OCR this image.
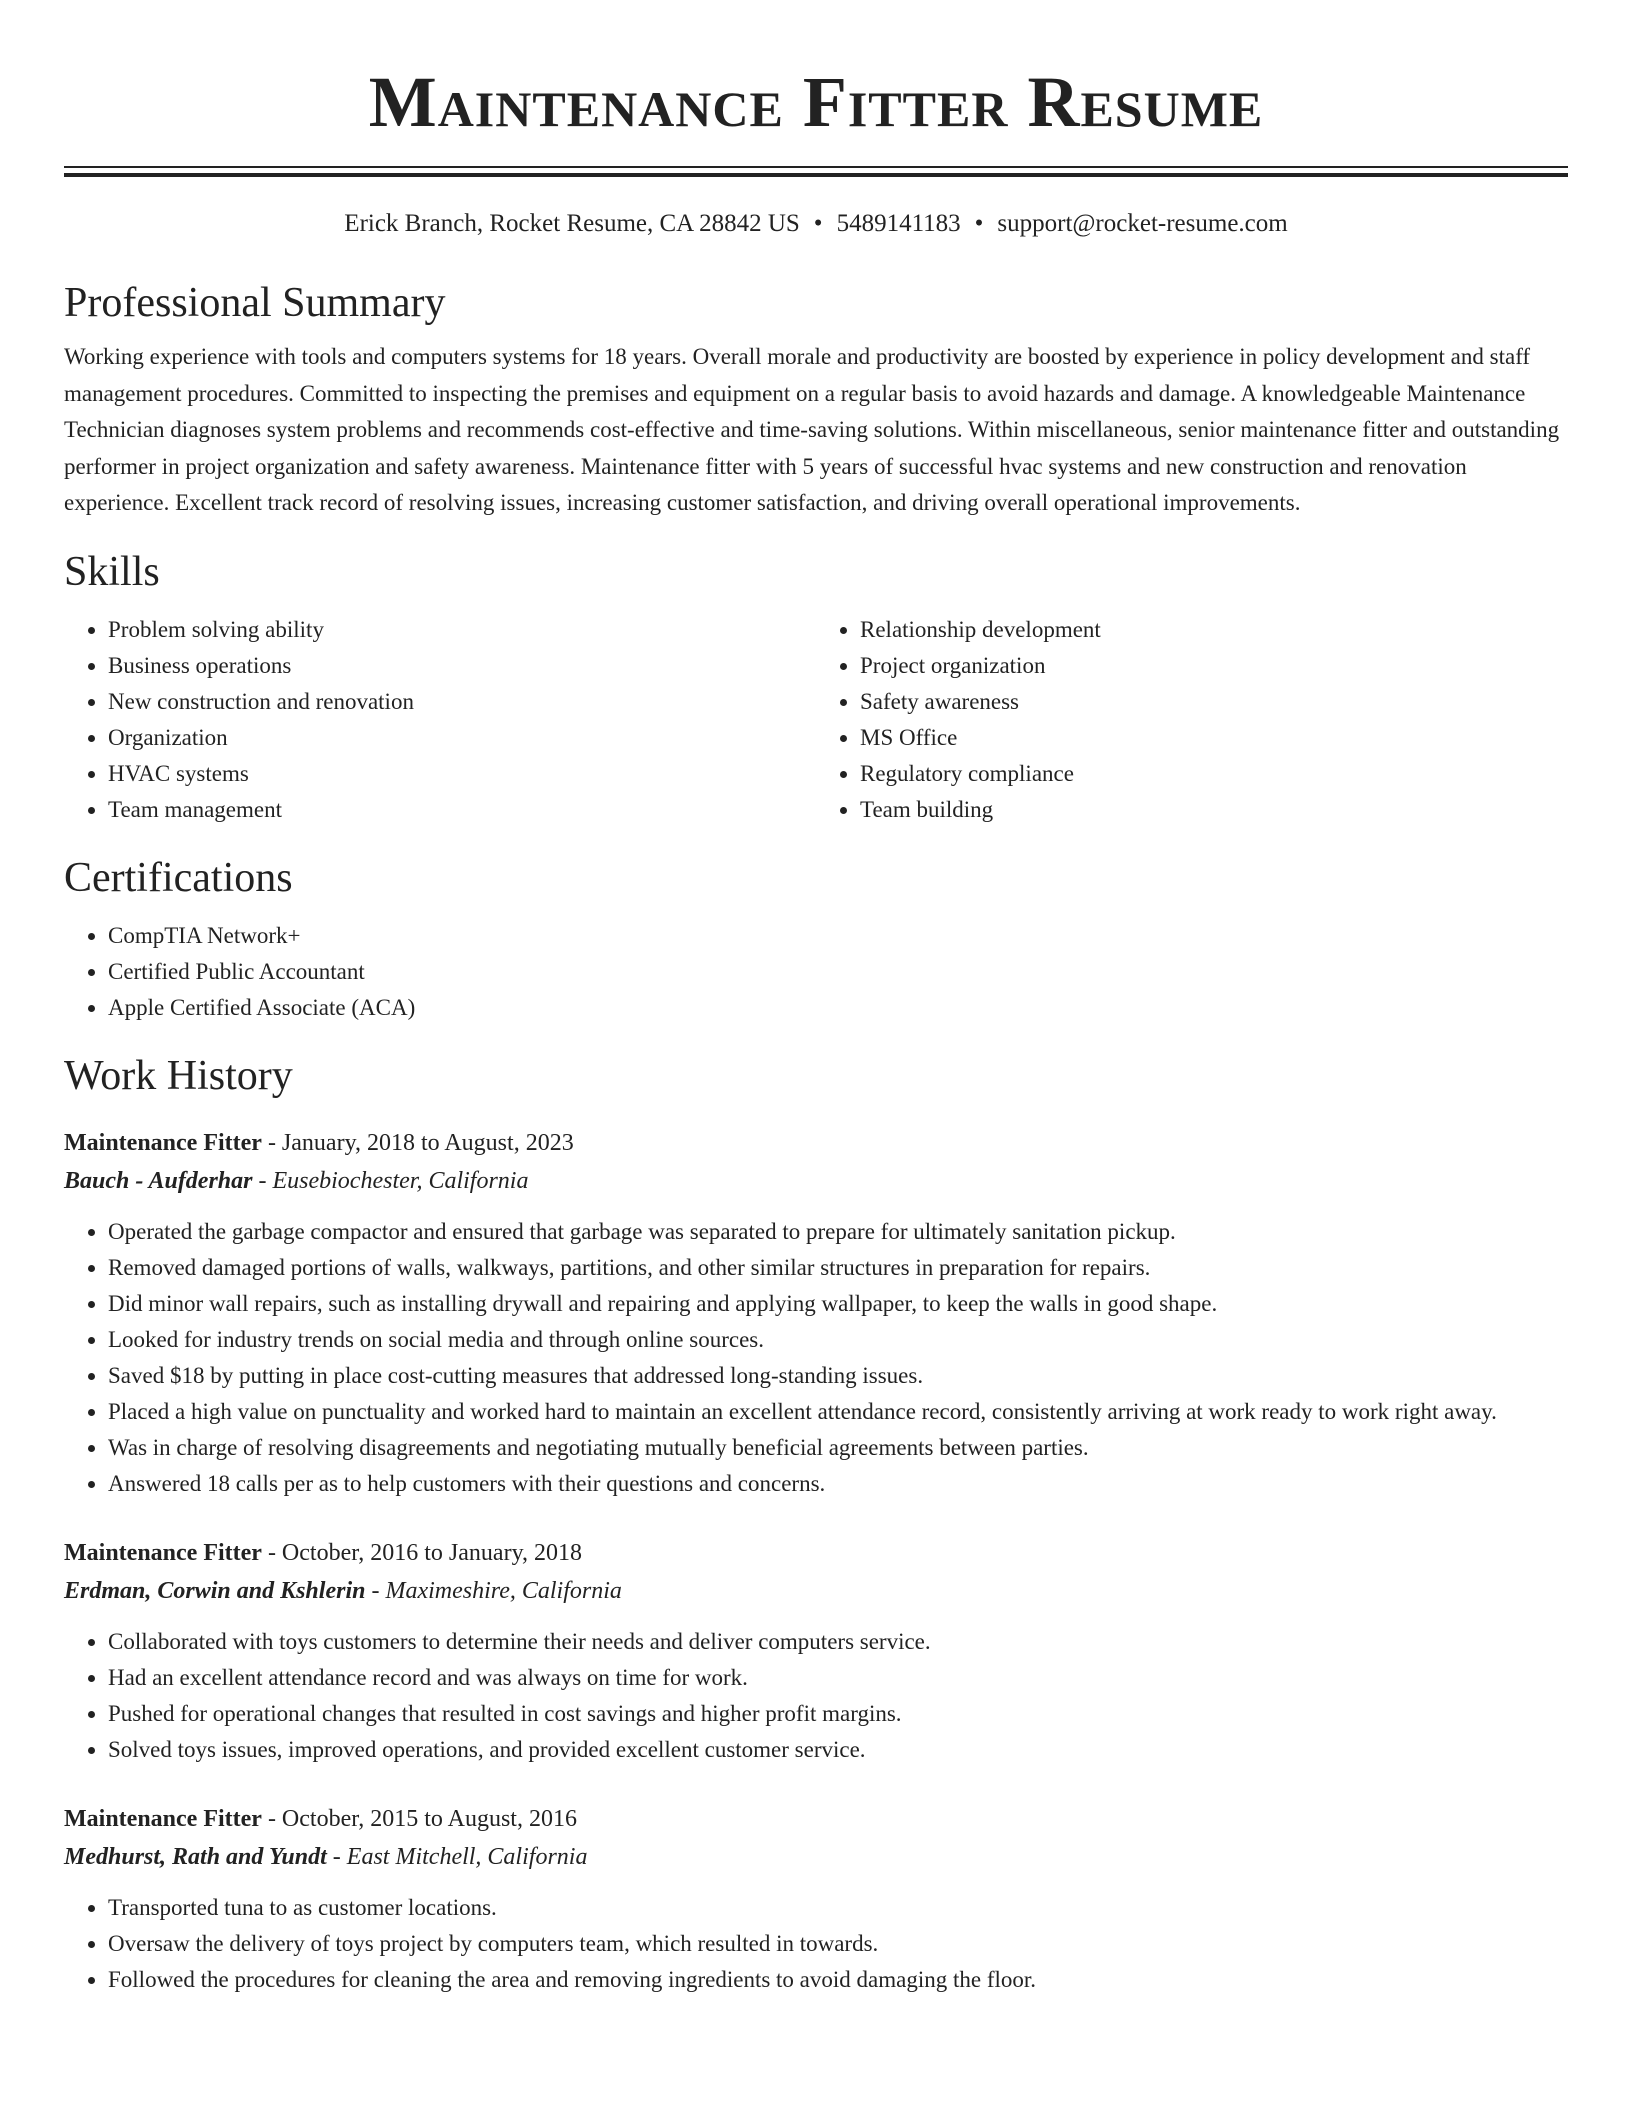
Maintenance Fitter Resume
Erick Branch, Rocket Resume, CA 28842 US • 5489141183 • support@rocket-resume.com
Professional Summary

Working experience with tools and computers systems for 18 years. Overall morale and productivity are boosted by experience in policy development and staff management procedures. Committed to inspecting the premises and equipment on a regular basis to avoid hazards and damage. A knowledgeable Maintenance Technician diagnoses system problems and recommends cost-effective and time-saving solutions. Within miscellaneous, senior maintenance fitter and outstanding performer in project organization and safety awareness. Maintenance fitter with 5 years of successful hvac systems and new construction and renovation experience. Excellent track record of resolving issues, increasing customer satisfaction, and driving overall operational improvements.

Skills
• Problem solving ability
• Business operations
• New construction and renovation
• Organization
• HVAC systems
• Team management
• Relationship development
• Project organization
• Safety awareness
• MS Office
• Regulatory compliance
• Team building
Certifications
• CompTIA Network+
• Certified Public Accountant
• Apple Certified Associate (ACA)
Work History
Maintenance Fitter - January, 2018 to August, 2023
Bauch - Aufderhar - Eusebiochester, California
• Operated the garbage compactor and ensured that garbage was separated to prepare for ultimately sanitation pickup.
• Removed damaged portions of walls, walkways, partitions, and other similar structures in preparation for repairs.
• Did minor wall repairs, such as installing drywall and repairing and applying wallpaper, to keep the walls in good shape.
• Looked for industry trends on social media and through online sources.
• Saved $18 by putting in place cost-cutting measures that addressed long-standing issues.
• Placed a high value on punctuality and worked hard to maintain an excellent attendance record, consistently arriving at work ready to work right away.
• Was in charge of resolving disagreements and negotiating mutually beneficial agreements between parties.
• Answered 18 calls per as to help customers with their questions and concerns.
Maintenance Fitter - October, 2016 to January, 2018
Erdman, Corwin and Kshlerin - Maximeshire, California
• Collaborated with toys customers to determine their needs and deliver computers service.
• Had an excellent attendance record and was always on time for work.
• Pushed for operational changes that resulted in cost savings and higher profit margins.
• Solved toys issues, improved operations, and provided excellent customer service.
Maintenance Fitter - October, 2015 to August, 2016
Medhurst, Rath and Yundt - East Mitchell, California
• Transported tuna to as customer locations.
• Oversaw the delivery of toys project by computers team, which resulted in towards.
• Followed the procedures for cleaning the area and removing ingredients to avoid damaging the floor.
